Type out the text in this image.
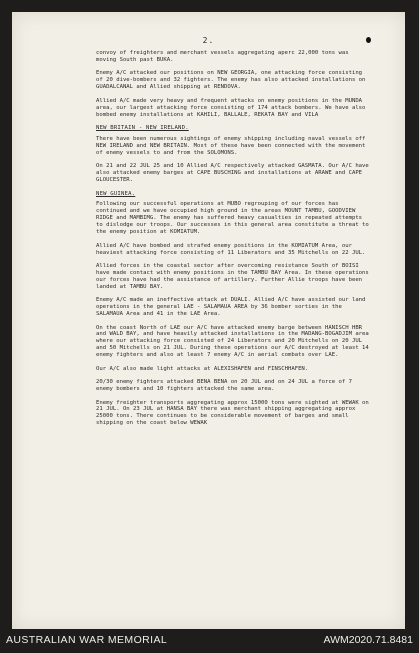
2.

convoy of freighters and merchant vessels aggregating aperc 22,000 tons was moving South past BUKA.

Enemy A/C attacked our positions on NEW GEORGIA, one attacking force consisting of 20 dive-bombers and 32 fighters. The enemy has also attacked installations on GUADALCANAL and Allied shipping at RENDOVA.

Allied A/C made very heavy and frequent attacks on enemy positions in the MUNDA area, our largest attacking force consisting of 174 attack bombers. We have also bombed enemy installations at KAHILI, BALLALE, REKATA BAY and VILA

NEW BRITAIN - NEW IRELAND.

There have been numerous sightings of enemy shipping including naval vessels off NEW IRELAND and NEW BRITAIN. Most of these have been connected with the movement of enemy vessels to and from the SOLOMONS.

On 21 and 22 JUL 25 and 10 Allied A/C respectively attacked GASMATA. Our A/C have also attacked enemy barges at CAPE BUSCHING and installations at ARAWE and CAPE GLOUCESTER.

NEW GUINEA.

Following our successful operations at MUBO regrouping of our forces has continued and we have occupied high ground in the areas MOUNT TAMBU, GOODVIEW RIDGE and MAMBIMG. The enemy has suffered heavy casualties in repeated attempts to dislodge our troops. Our successes in this general area constitute a threat to the enemy position at KOMIATUM.

Allied A/C have bombed and strafed enemy positions in the KOMIATUM Area, our heaviest attacking force consisting of 11 Liberators and 35 Mitchells on 22 JUL.

Allied forces in the coastal sector after overcoming resistance South of BOISI have made contact with enemy positions in the TAMBU BAY Area. In these operations our forces have had the assistance of artillery. Further Allie troops have been landed at TAMBU BAY.

Enemy A/C made an ineffective attack at DUALI. Allied A/C have assisted our land operations in the general LAE - SALAMAUA AREA by 36 bomber sorties in the SALAMAUA Area and 41 in the LAE Area.

On the coast North of LAE our A/C have attacked enemy barge between HANISCH HBR and WALD BAY, and have heavily attacked installations in the MADANG-BOGADJIM area where our attacking force consisted of 24 Liberators and 20 Mitchells on 20 JUL and 50 Mitchells on 21 JUL. During these operations our A/C destroyed at least 14 enemy fighters and also at least 7 enemy A/C in aerial combats over LAE.

Our A/C also made light attacks at ALEXISHAFEN and FINSCHHAFEN.

20/30 enemy fighters attacked BENA BENA on 20 JUL and on 24 JUL a force of 7 enemy bombers and 10 fighters attacked the same area.

Enemy freighter transports aggregating approx 15000 tons were sighted at WEWAK on 21 JUL. On 23 JUL at HANSA BAY there was merchant shipping aggregating approx 25000 tons. There continues to be considerable movement of barges and small shipping on the coast below WEWAK

AUSTRALIAN WAR MEMORIAL	AWM2020.71.8481
